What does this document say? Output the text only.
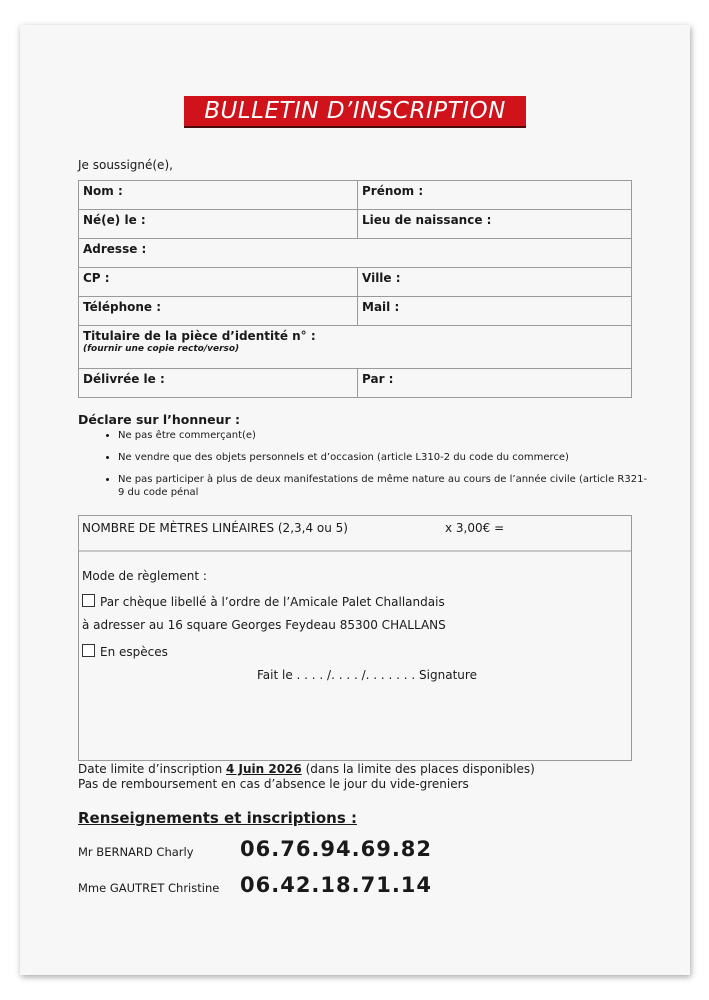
BULLETIN D’INSCRIPTION
Je soussigné(e),
Nom :	Prénom :
Né(e) le :	Lieu de naissance :
Adresse :	
CP :	Ville :
Téléphone :	Mail :
Titulaire de la pièce d’identité n° :
(fournir une copie recto/verso)	

Délivrée le :	Par :
Déclare sur l’honneur :
• Ne pas être commerçant(e)
• Ne vendre que des objets personnels et d’occasion (article L310-2 du code du commerce)
• Ne pas participer à plus de deux manifestations de même nature au cours de l’année civile (article R321-9 du code pénal
NOMBRE DE MÈTRES LINÉAIRES (2,3,4 ou 5)	x 3,00€ =
Mode de règlement :
Par chèque libellé à l’ordre de l’Amicale Palet Challandais
à adresser au 16 square Georges Feydeau 85300 CHALLANS
En espèces
Fait le . . . . /. . . . /. . . . . . . Signature
Date limite d’inscription 4 Juin 2026 (dans la limite des places disponibles)
Pas de remboursement en cas d’absence le jour du vide-greniers
Renseignements et inscriptions :
Mr BERNARD Charly	06.76.94.69.82
Mme GAUTRET Christine 06.42.18.71.14
